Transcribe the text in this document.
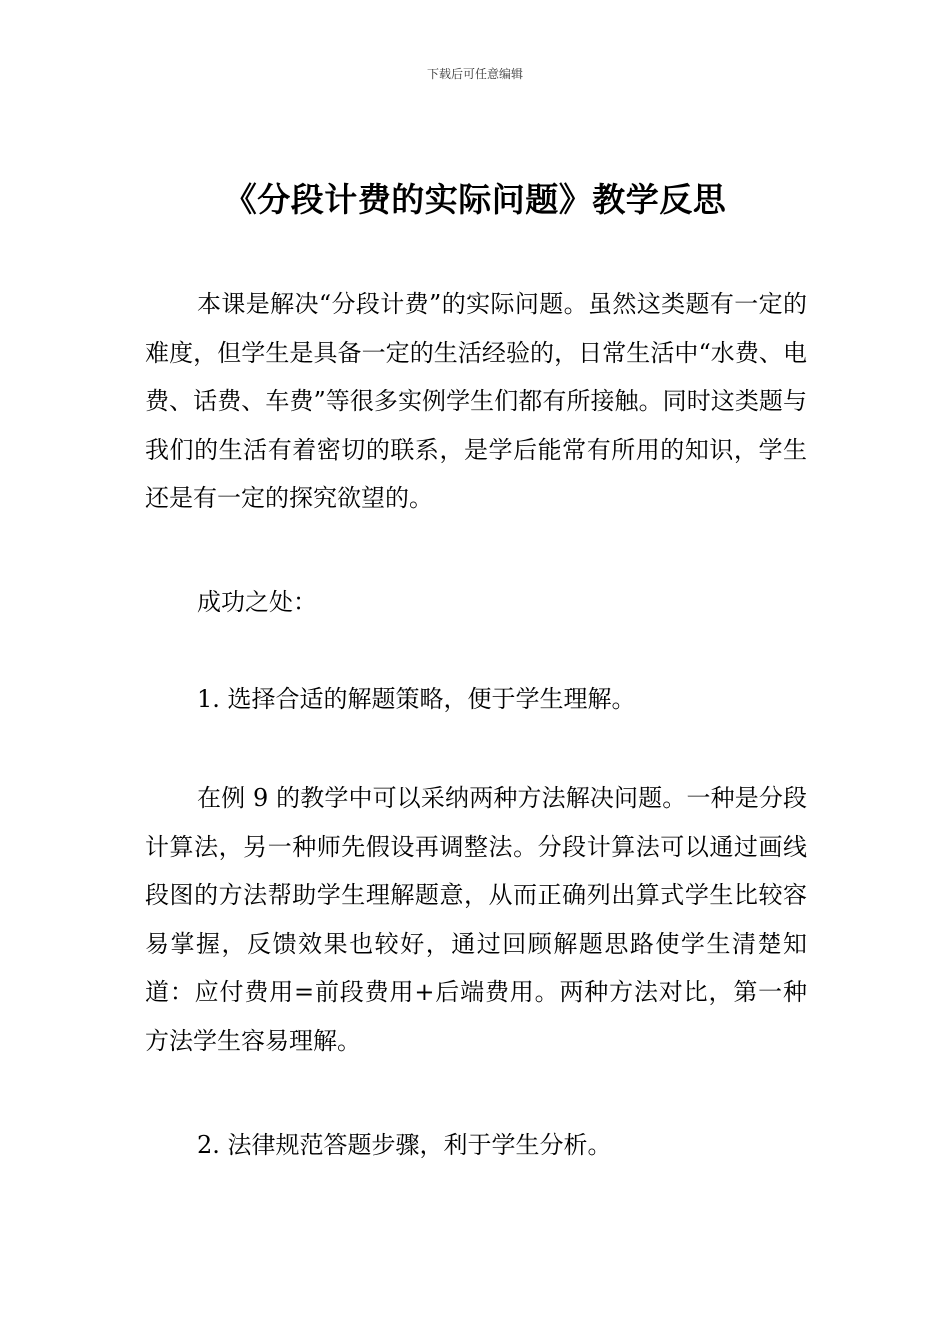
下载后可任意编辑
《分段计费的实际问题》教学反思

本课是解决“分段计费”的实际问题。虽然这类题有一定的难度，但学生是具备一定的生活经验的，日常生活中“水费、电费、话费、车费”等很多实例学生们都有所接触。同时这类题与我们的生活有着密切的联系，是学后能常有所用的知识，学生还是有一定的探究欲望的。

成功之处：

1. 选择合适的解题策略，便于学生理解。

在例 9 的教学中可以采纳两种方法解决问题。一种是分段计算法，另一种师先假设再调整法。分段计算法可以通过画线段图的方法帮助学生理解题意，从而正确列出算式学生比较容易掌握，反馈效果也较好，通过回顾解题思路使学生清楚知道：应付费用=前段费用+后端费用。两种方法对比，第一种方法学生容易理解。

2. 法律规范答题步骤，利于学生分析。
